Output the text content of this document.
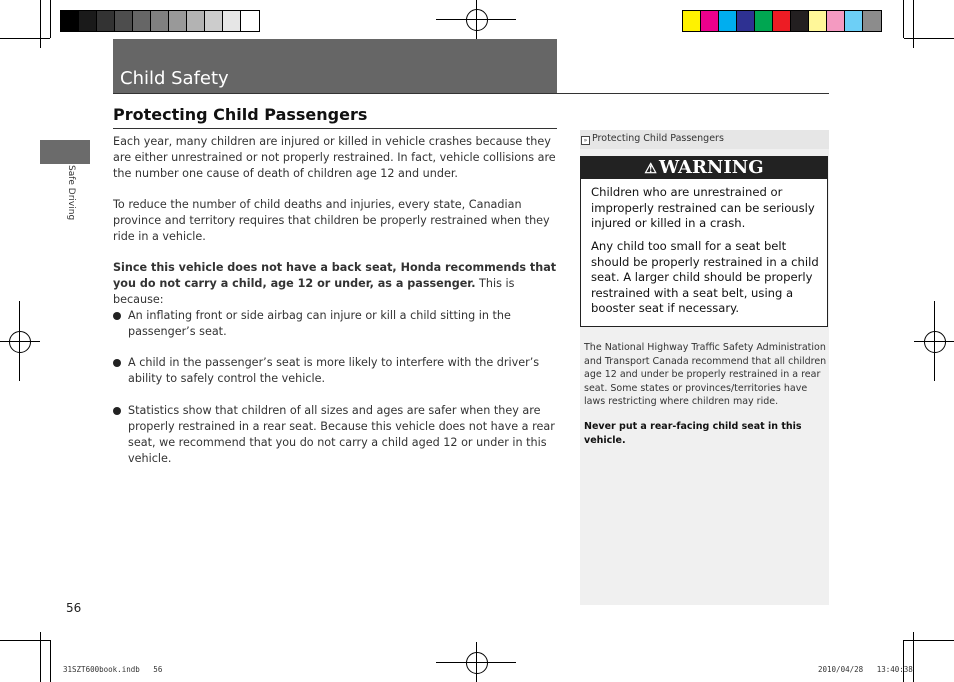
Child Safety
Safe Driving
Protecting Child Passengers
Each year, many children are injured or killed in vehicle crashes because they are either unrestrained or not properly restrained. In fact, vehicle collisions are the number one cause of death of children age 12 and under.
To reduce the number of child deaths and injuries, every state, Canadian province and territory requires that children be properly restrained when they ride in a vehicle.
Since this vehicle does not have a back seat, Honda recommends that you do not carry a child, age 12 or under, as a passenger. This is because:
An inflating front or side airbag can injure or kill a child sitting in the passenger’s seat.
A child in the passenger’s seat is more likely to interfere with the driver’s ability to safely control the vehicle.
Statistics show that children of all sizes and ages are safer when they are properly restrained in a rear seat. Because this vehicle does not have a rear seat, we recommend that you do not carry a child aged 12 or under in this vehicle.
» Protecting Child Passengers
⚠ WARNING
Children who are unrestrained or improperly restrained can be seriously injured or killed in a crash.
Any child too small for a seat belt should be properly restrained in a child seat. A larger child should be properly restrained with a seat belt, using a booster seat if necessary.
The National Highway Traffic Safety Administration and Transport Canada recommend that all children age 12 and under be properly restrained in a rear seat. Some states or provinces/territories have laws restricting where children may ride.
Never put a rear-facing child seat in this vehicle.
56
31SZT600book.indb   56	2010/04/28   13:40:38
